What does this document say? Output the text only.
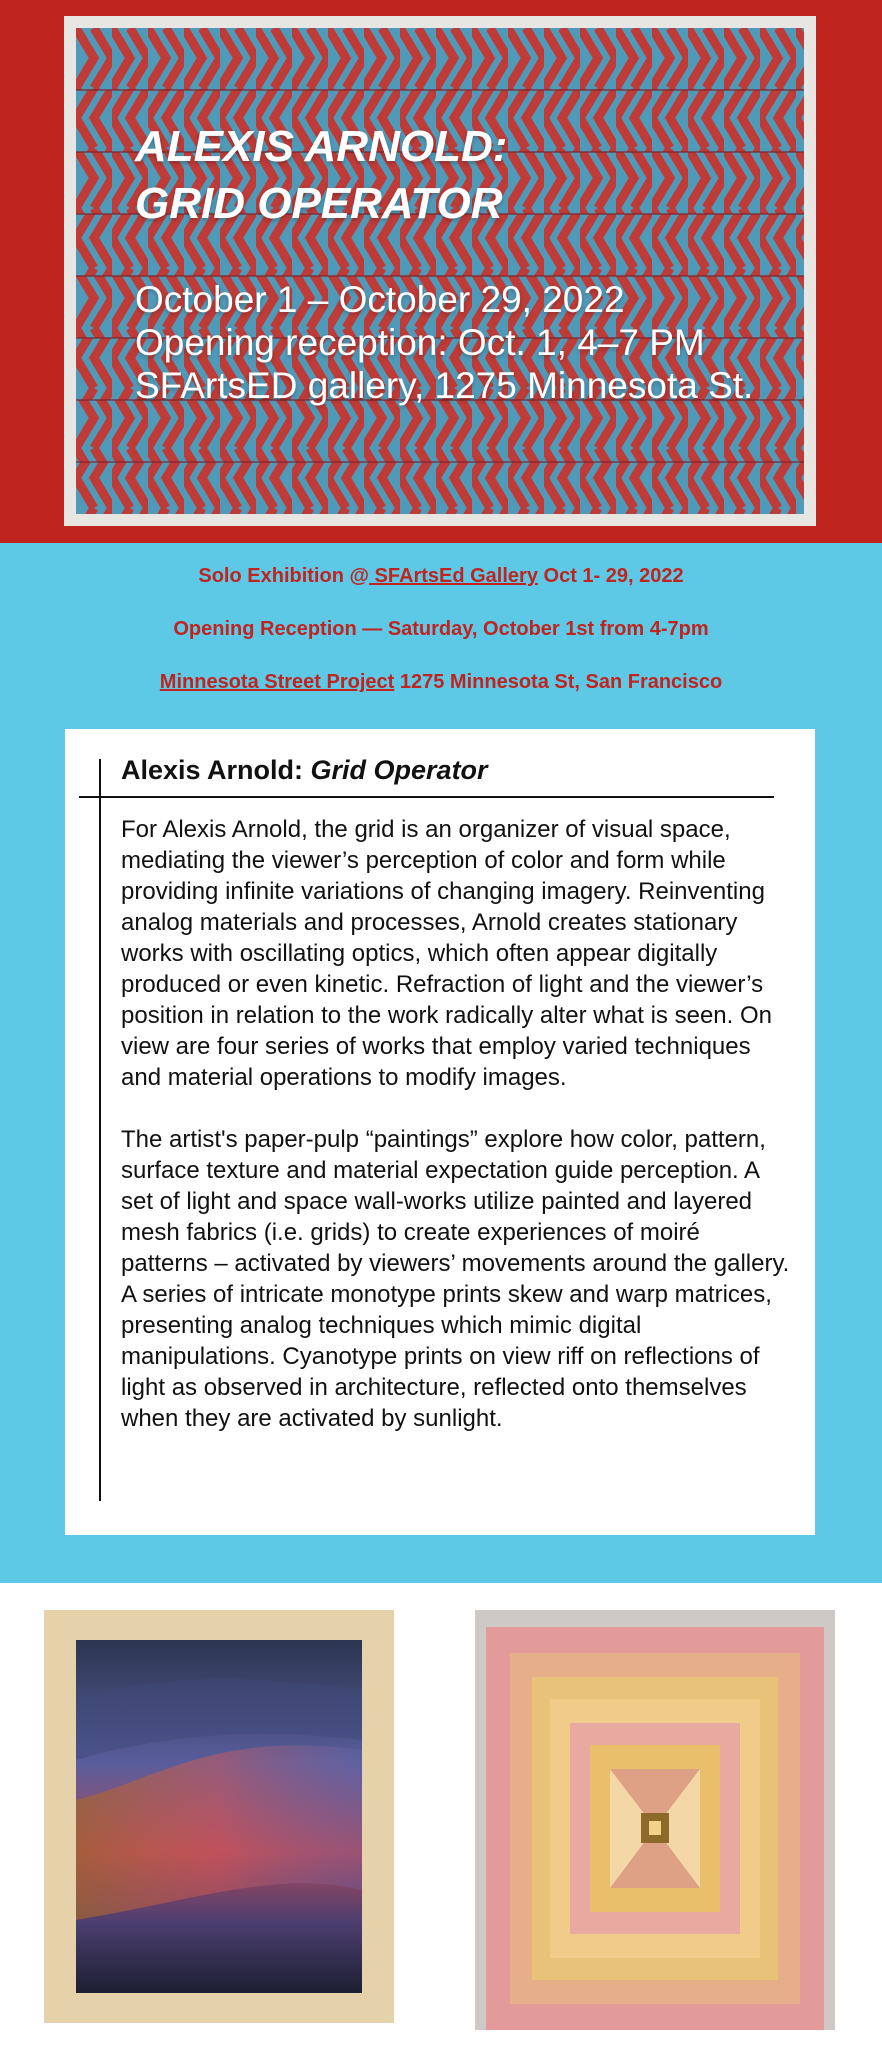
ALEXIS ARNOLD:
GRID OPERATOR
October 1 – October 29, 2022
Opening reception: Oct. 1, 4–7 PM
SFArtsED gallery, 1275 Minnesota St.
Solo Exhibition @ SFArtsEd Gallery Oct 1- 29, 2022
Opening Reception — Saturday, October 1st from 4-7pm
Minnesota Street Project 1275 Minnesota St, San Francisco
Alexis Arnold: Grid Operator

For Alexis Arnold, the grid is an organizer of visual space, mediating the viewer’s perception of color and form while providing infinite variations of changing imagery. Reinventing analog materials and processes, Arnold creates stationary works with oscillating optics, which often appear digitally produced or even kinetic. Refraction of light and the viewer’s position in relation to the work radically alter what is seen. On view are four series of works that employ varied techniques and material operations to modify images.

The artist's paper-pulp “paintings” explore how color, pattern, surface texture and material expectation guide perception. A set of light and space wall-works utilize painted and layered mesh fabrics (i.e. grids) to create experiences of moiré patterns – activated by viewers’ movements around the gallery. A series of intricate monotype prints skew and warp matrices, presenting analog techniques which mimic digital manipulations. Cyanotype prints on view riff on reflections of light as observed in architecture, reflected onto themselves when they are activated by sunlight.
